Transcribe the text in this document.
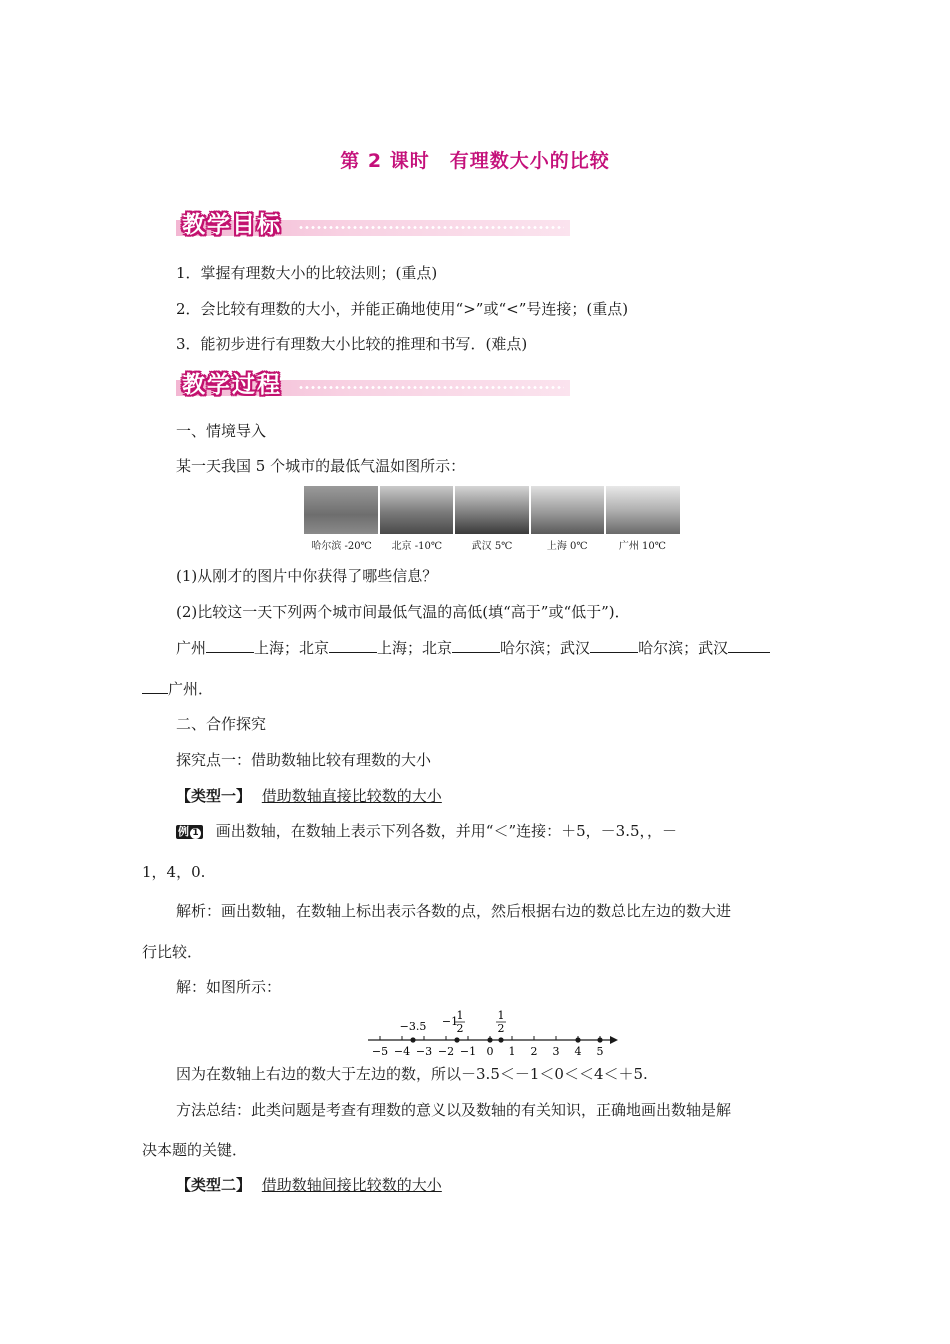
第 2 课时　有理数大小的比较
教学目标
1．掌握有理数大小的比较法则；(重点)
2．会比较有理数的大小，并能正确地使用“>”或“<”号连接；(重点)
3．能初步进行有理数大小比较的推理和书写．(难点)
教学过程
一、情境导入
某一天我国 5 个城市的最低气温如图所示：
哈尔滨 -20℃	北京 -10℃	武汉 5℃	上海 0℃	广州 10℃
(1)从刚才的图片中你获得了哪些信息？
(2)比较这一天下列两个城市间最低气温的高低(填“高于”或“低于”)．
广州	上海；北京	上海；北京	哈尔滨；武汉	哈尔滨；武汉
广州．
二、合作探究
探究点一：借助数轴比较有理数的大小
【类型一】 借助数轴直接比较数的大小
例 1 画出数轴，在数轴上表示下列各数，并用“＜”连接：＋5，－3.5，，－
1，4，0.
解析：画出数轴，在数轴上标出表示各数的点，然后根据右边的数总比左边的数大进
行比较．
解：如图所示：
−5 −4 −3 −2 −1 0 1 2 3 4 5
−3.5 −1
1
2
1
2
因为在数轴上右边的数大于左边的数，所以－3.5＜－1＜0＜＜4＜＋5.
方法总结：此类问题是考查有理数的意义以及数轴的有关知识，正确地画出数轴是解
决本题的关键．
【类型二】 借助数轴间接比较数的大小
